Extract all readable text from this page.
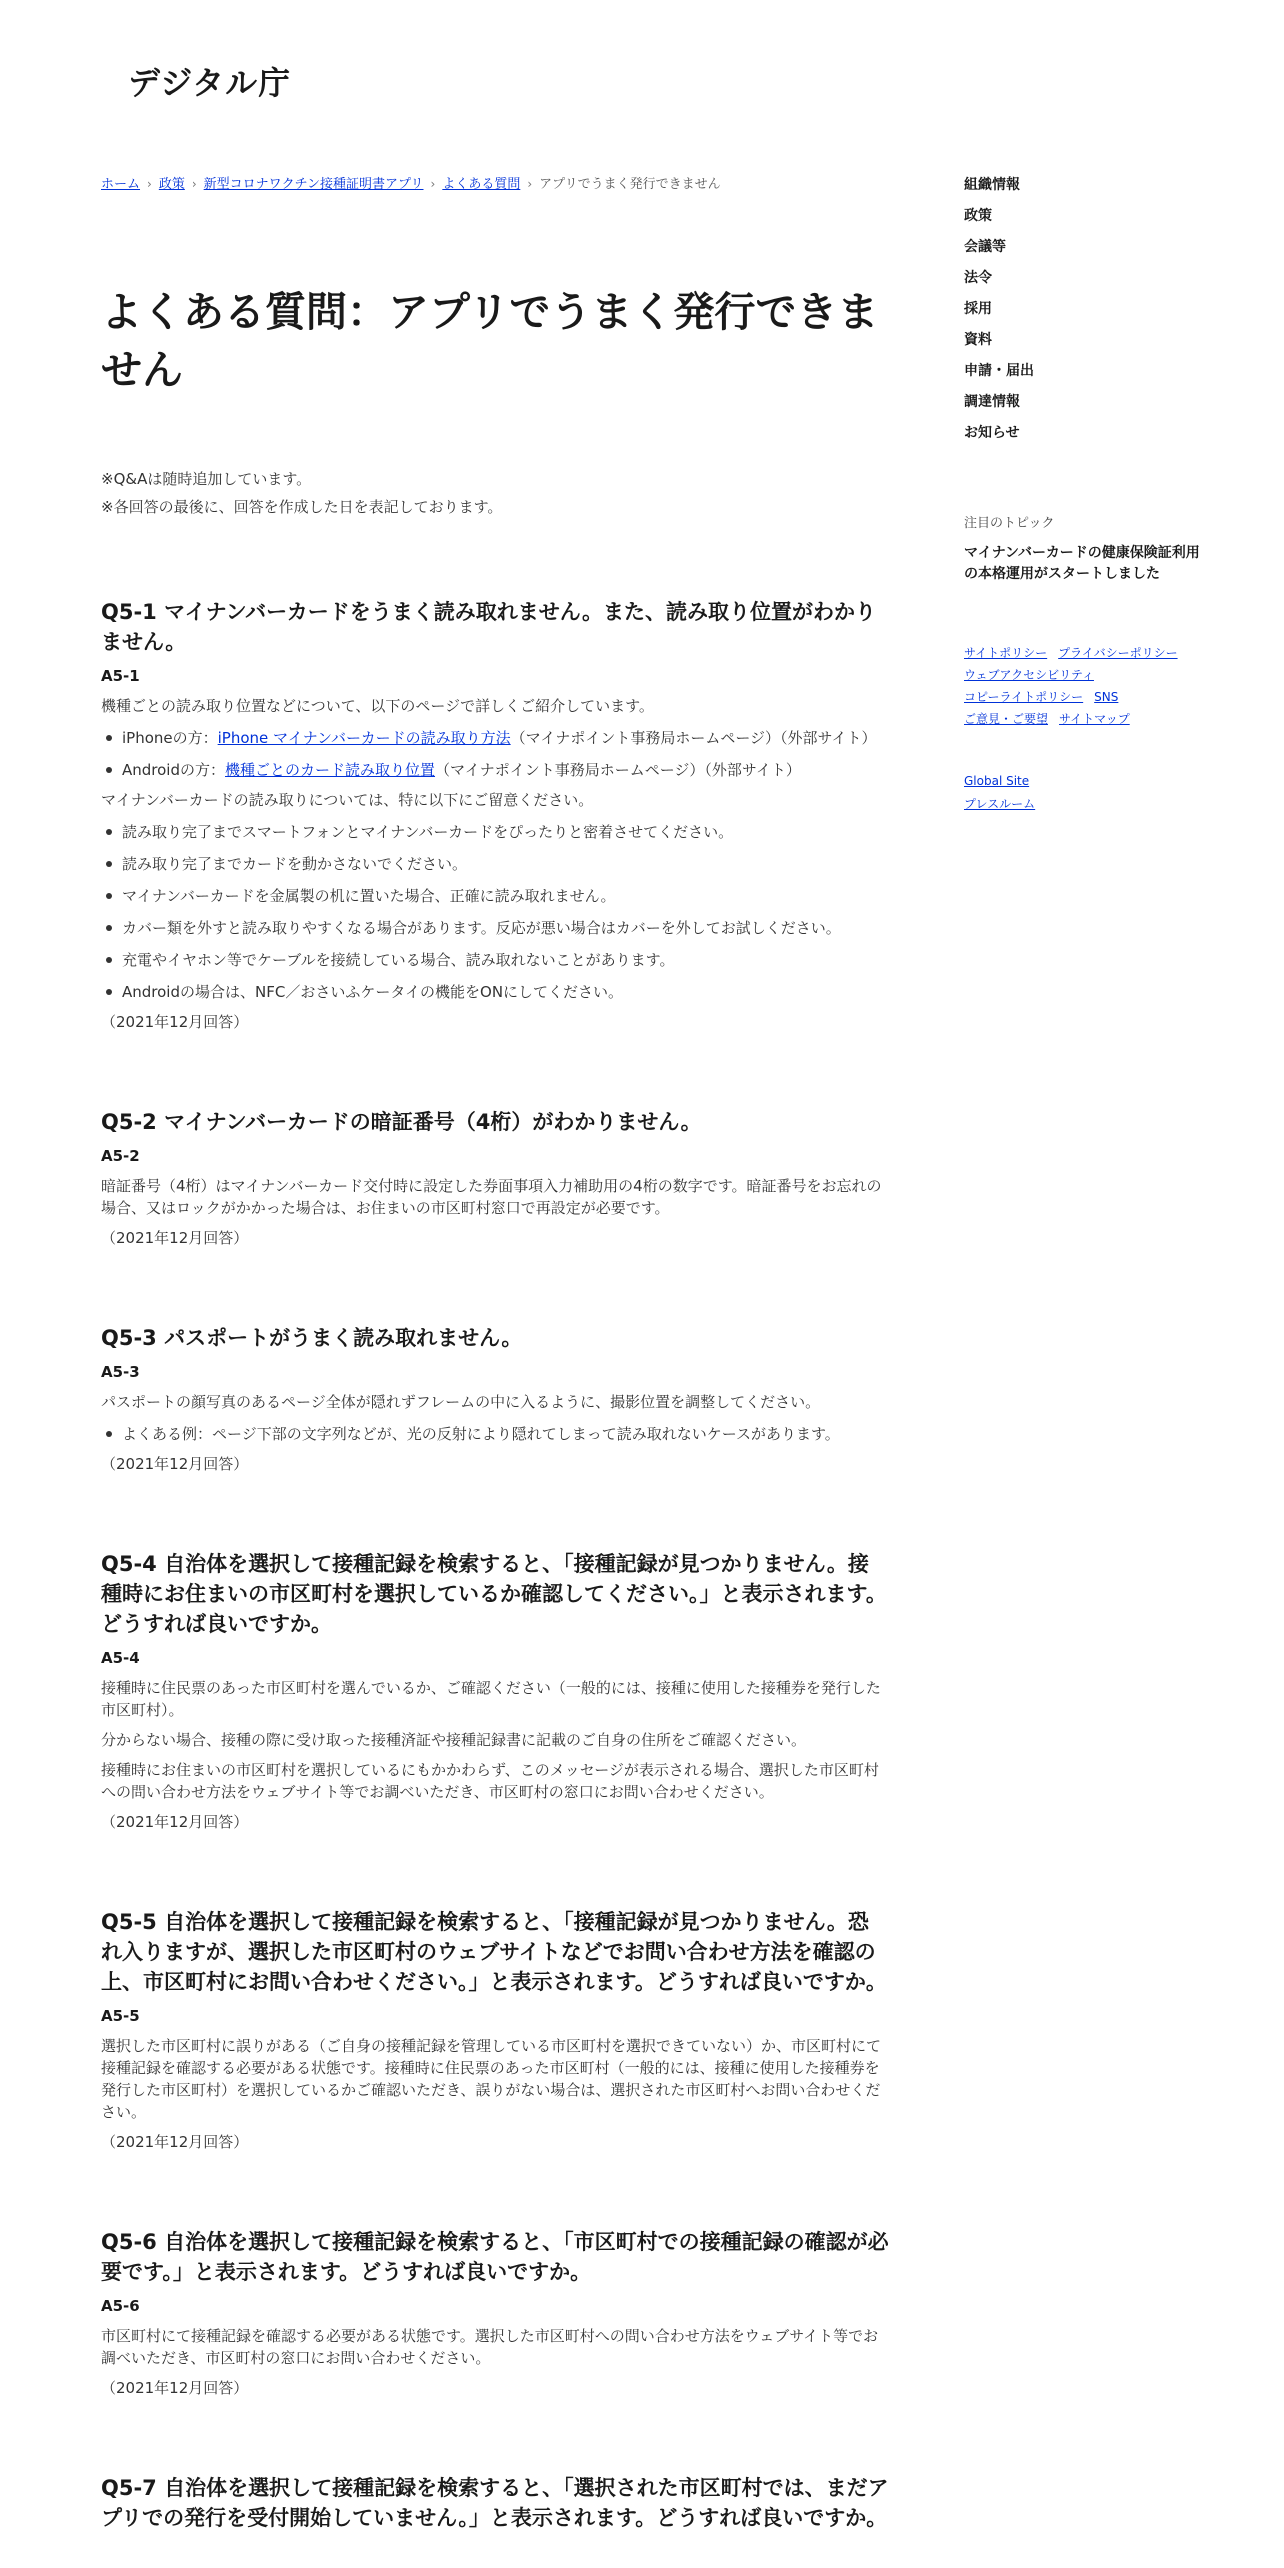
デジタル庁
ホーム › 政策 › 新型コロナワクチン接種証明書アプリ › よくある質問 › アプリでうまく発行できません
よくある質問：アプリでうまく発行できません

※Q&Aは随時追加しています。

※各回答の最後に、回答を作成した日を表記しております。

Q5-1 マイナンバーカードをうまく読み取れません。また、読み取り位置がわかりません。
A5-1

機種ごとの読み取り位置などについて、以下のページで詳しくご紹介しています。

iPhoneの方：iPhone マイナンバーカードの読み取り方法（マイナポイント事務局ホームページ）（外部サイト）
Androidの方：機種ごとのカード読み取り位置（マイナポイント事務局ホームページ）（外部サイト）

マイナンバーカードの読み取りについては、特に以下にご留意ください。

読み取り完了までスマートフォンとマイナンバーカードをぴったりと密着させてください。
読み取り完了までカードを動かさないでください。
マイナンバーカードを金属製の机に置いた場合、正確に読み取れません。
カバー類を外すと読み取りやすくなる場合があります。反応が悪い場合はカバーを外してお試しください。
充電やイヤホン等でケーブルを接続している場合、読み取れないことがあります。
Androidの場合は、NFC／おさいふケータイの機能をONにしてください。

（2021年12月回答）

Q5-2 マイナンバーカードの暗証番号（4桁）がわかりません。
A5-2

暗証番号（4桁）はマイナンバーカード交付時に設定した券面事項入力補助用の4桁の数字です。暗証番号をお忘れの場合、又はロックがかかった場合は、お住まいの市区町村窓口で再設定が必要です。

（2021年12月回答）

Q5-3 パスポートがうまく読み取れません。
A5-3

パスポートの顔写真のあるページ全体が隠れずフレームの中に入るように、撮影位置を調整してください。

よくある例：ページ下部の文字列などが、光の反射により隠れてしまって読み取れないケースがあります。

（2021年12月回答）

Q5-4 自治体を選択して接種記録を検索すると、「接種記録が見つかりません。接種時にお住まいの市区町村を選択しているか確認してください。」と表示されます。どうすれば良いですか。
A5-4

接種時に住民票のあった市区町村を選んでいるか、ご確認ください（一般的には、接種に使用した接種券を発行した市区町村）。

分からない場合、接種の際に受け取った接種済証や接種記録書に記載のご自身の住所をご確認ください。

接種時にお住まいの市区町村を選択しているにもかかわらず、このメッセージが表示される場合、選択した市区町村への問い合わせ方法をウェブサイト等でお調べいただき、市区町村の窓口にお問い合わせください。

（2021年12月回答）

Q5-5 自治体を選択して接種記録を検索すると、「接種記録が見つかりません。恐れ入りますが、選択した市区町村のウェブサイトなどでお問い合わせ方法を確認の上、市区町村にお問い合わせください。」と表示されます。どうすれば良いですか。
A5-5

選択した市区町村に誤りがある（ご自身の接種記録を管理している市区町村を選択できていない）か、市区町村にて接種記録を確認する必要がある状態です。接種時に住民票のあった市区町村（一般的には、接種に使用した接種券を発行した市区町村）を選択しているかご確認いただき、誤りがない場合は、選択された市区町村へお問い合わせください。

（2021年12月回答）

Q5-6 自治体を選択して接種記録を検索すると、「市区町村での接種記録の確認が必要です。」と表示されます。どうすれば良いですか。
A5-6

市区町村にて接種記録を確認する必要がある状態です。選択した市区町村への問い合わせ方法をウェブサイト等でお調べいただき、市区町村の窓口にお問い合わせください。

（2021年12月回答）

Q5-7 自治体を選択して接種記録を検索すると、「選択された市区町村では、まだアプリでの発行を受付開始していません。」と表示されます。どうすれば良いですか。
組織情報
政策
会議等
法令
採用
資料
申請・届出
調達情報
お知らせ
注目のトピック
マイナンバーカードの健康保険証利用の本格運用がスタートしました
サイトポリシー プライバシーポリシー
ウェブアクセシビリティ
コピーライトポリシー SNS
ご意見・ご要望 サイトマップ
Global Site
プレスルーム
